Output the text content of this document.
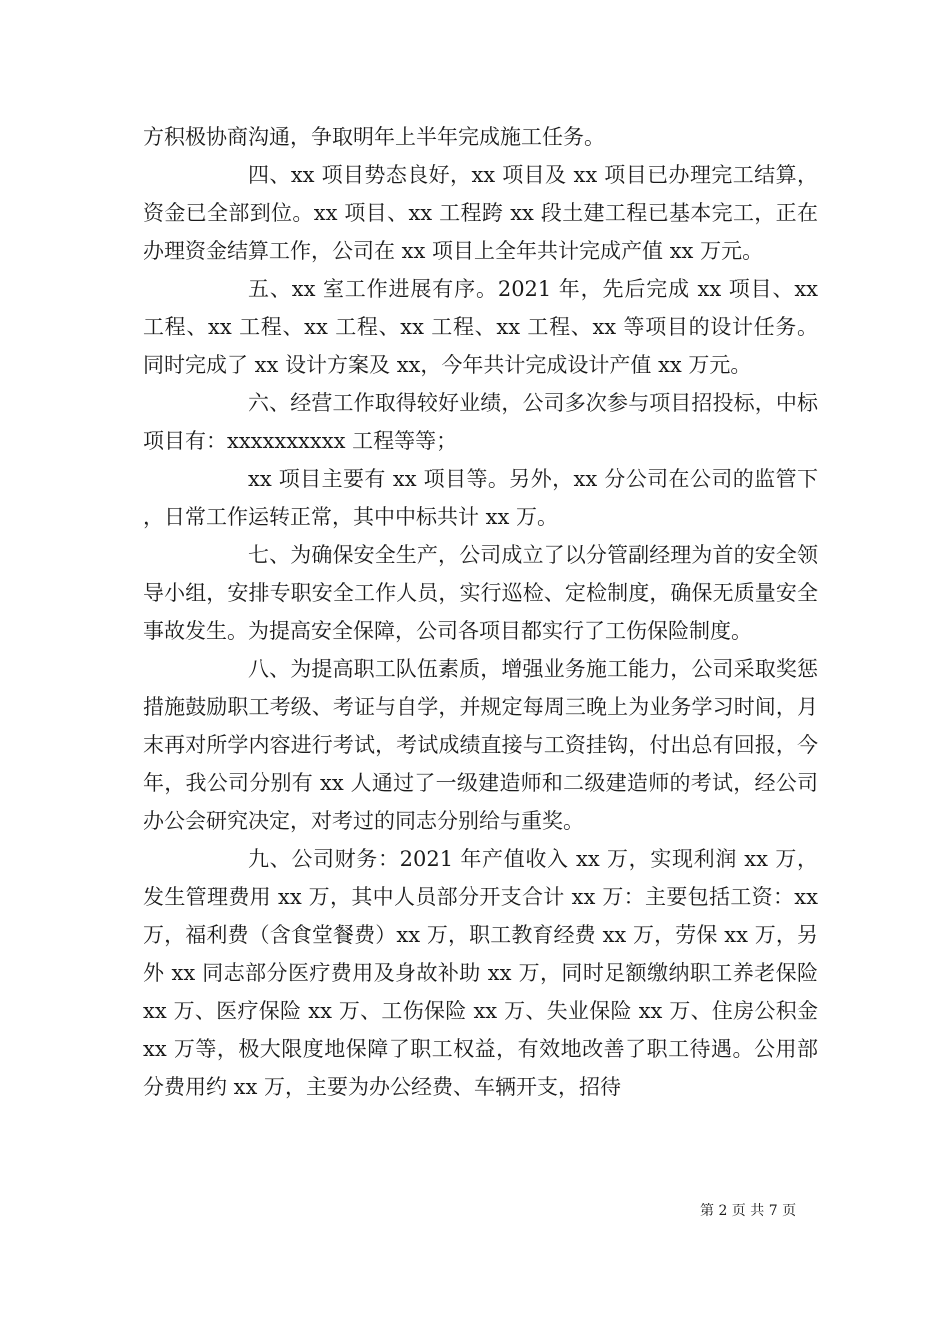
方积极协商沟通，争取明年上半年完成施工任务。

四、xx 项目势态良好，xx 项目及 xx 项目已办理完工结算，资金已全部到位。xx 项目、xx 工程跨 xx 段土建工程已基本完工，正在办理资金结算工作，公司在 xx 项目上全年共计完成产值 xx 万元。

五、xx 室工作进展有序。2021 年，先后完成 xx 项目、xx 工程、xx 工程、xx 工程、xx 工程、xx 工程、xx 等项目的设计任务。同时完成了 xx 设计方案及 xx，今年共计完成设计产值 xx 万元。

六、经营工作取得较好业绩，公司多次参与项目招投标，中标项目有：xxxxxxxxxx 工程等等；

xx 项目主要有 xx 项目等。另外，xx 分公司在公司的监管下，日常工作运转正常，其中中标共计 xx 万。

七、为确保安全生产，公司成立了以分管副经理为首的安全领导小组，安排专职安全工作人员，实行巡检、定检制度，确保无质量安全事故发生。为提高安全保障，公司各项目都实行了工伤保险制度。

八、为提高职工队伍素质，增强业务施工能力，公司采取奖惩措施鼓励职工考级、考证与自学，并规定每周三晚上为业务学习时间，月末再对所学内容进行考试，考试成绩直接与工资挂钩，付出总有回报，今年，我公司分别有 xx 人通过了一级建造师和二级建造师的考试，经公司办公会研究决定，对考过的同志分别给与重奖。

九、公司财务：2021 年产值收入 xx 万，实现利润 xx 万，发生管理费用 xx 万，其中人员部分开支合计 xx 万：主要包括工资：xx 万，福利费（含食堂餐费）xx 万，职工教育经费 xx 万，劳保 xx 万，另外 xx 同志部分医疗费用及身故补助 xx 万，同时足额缴纳职工养老保险 xx 万、医疗保险 xx 万、工伤保险 xx 万、失业保险 xx 万、住房公积金 xx 万等，极大限度地保障了职工权益，有效地改善了职工待遇。公用部分费用约 xx 万，主要为办公经费、车辆开支，招待

第 2 页 共 7 页
